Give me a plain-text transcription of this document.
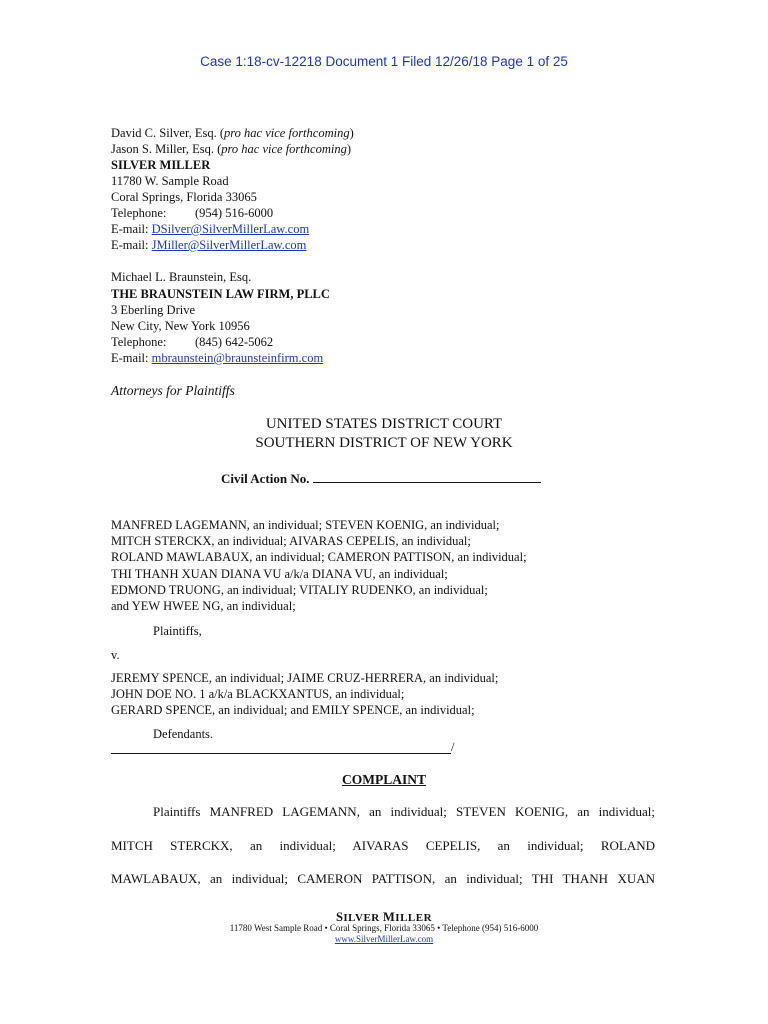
Case 1:18-cv-12218 Document 1 Filed 12/26/18 Page 1 of 25
David C. Silver, Esq. (pro hac vice forthcoming)
Jason S. Miller, Esq. (pro hac vice forthcoming)
SILVER MILLER
11780 W. Sample Road
Coral Springs, Florida 33065
Telephone: (954) 516-6000
E-mail: DSilver@SilverMillerLaw.com
E-mail: JMiller@SilverMillerLaw.com
Michael L. Braunstein, Esq.
THE BRAUNSTEIN LAW FIRM, PLLC
3 Eberling Drive
New City, New York 10956
Telephone: (845) 642-5062
E-mail: mbraunstein@braunsteinfirm.com
Attorneys for Plaintiffs
UNITED STATES DISTRICT COURT
SOUTHERN DISTRICT OF NEW YORK
Civil Action No.
MANFRED LAGEMANN, an individual; STEVEN KOENIG, an individual;
MITCH STERCKX, an individual; AIVARAS CEPELIS, an individual;
ROLAND MAWLABAUX, an individual; CAMERON PATTISON, an individual;
THI THANH XUAN DIANA VU a/k/a DIANA VU, an individual;
EDMOND TRUONG, an individual; VITALIY RUDENKO, an individual;
and YEW HWEE NG, an individual;
Plaintiffs,
v.
JEREMY SPENCE, an individual; JAIME CRUZ-HERRERA, an individual;
JOHN DOE NO. 1 a/k/a BLACKXANTUS, an individual;
GERARD SPENCE, an individual; and EMILY SPENCE, an individual;
Defendants.
/
COMPLAINT
Plaintiffs MANFRED LAGEMANN, an individual; STEVEN KOENIG, an individual;
MITCH STERCKX, an individual; AIVARAS CEPELIS, an individual; ROLAND
MAWLABAUX, an individual; CAMERON PATTISON, an individual; THI THANH XUAN
SILVER MILLER
11780 West Sample Road • Coral Springs, Florida 33065 • Telephone (954) 516-6000
www.SilverMillerLaw.com
